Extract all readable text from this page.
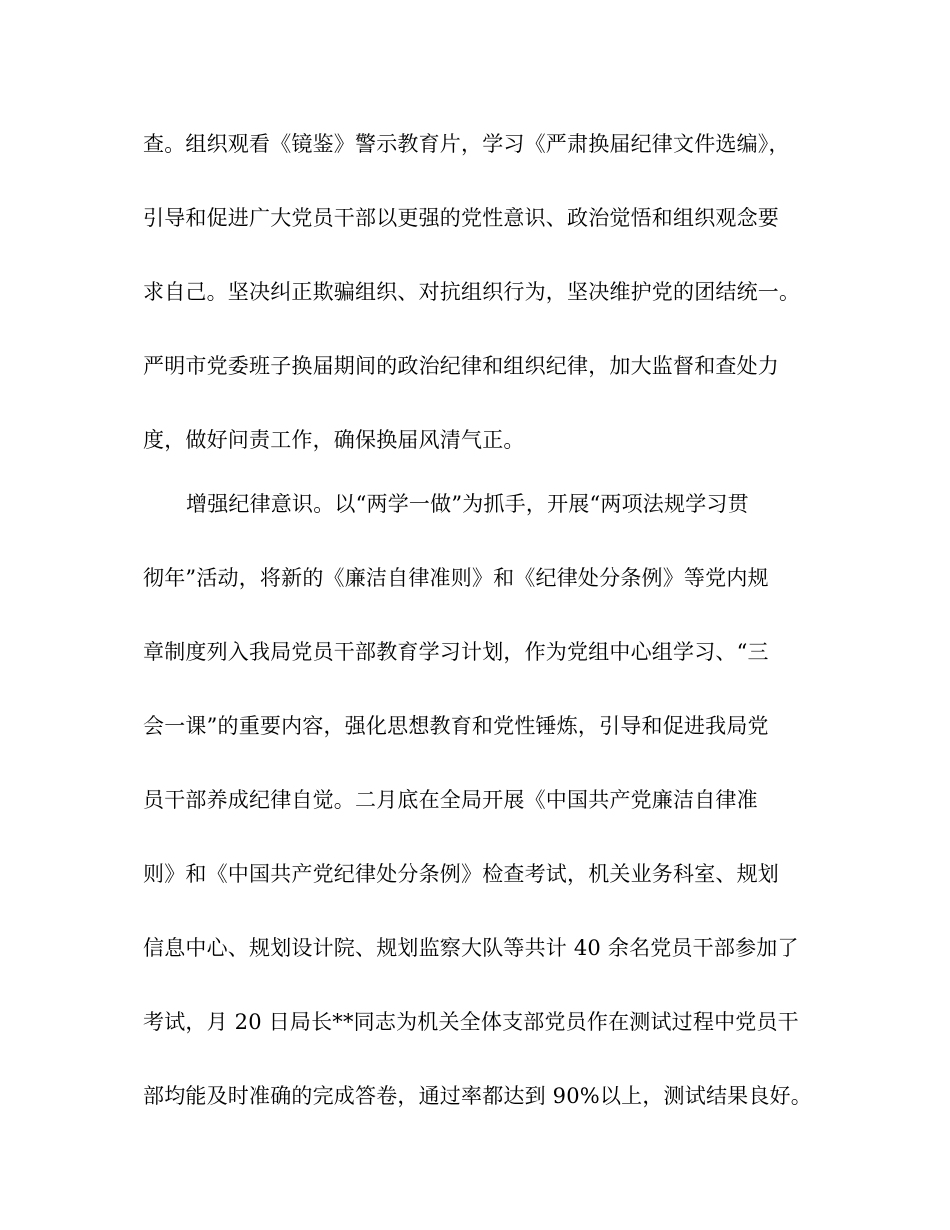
查。组织观看《镜鉴》警示教育片，学习《严肃换届纪律文件选编》，
引导和促进广大党员干部以更强的党性意识、政治觉悟和组织观念要
求自己。坚决纠正欺骗组织、对抗组织行为，坚决维护党的团结统一。
严明市党委班子换届期间的政治纪律和组织纪律，加大监督和查处力
度，做好问责工作，确保换届风清气正。
增强纪律意识。以“两学一做”为抓手，开展“两项法规学习贯
彻年”活动，将新的《廉洁自律准则》和《纪律处分条例》等党内规
章制度列入我局党员干部教育学习计划，作为党组中心组学习、“三
会一课”的重要内容，强化思想教育和党性锤炼，引导和促进我局党
员干部养成纪律自觉。二月底在全局开展《中国共产党廉洁自律准
则》和《中国共产党纪律处分条例》检查考试，机关业务科室、规划
信息中心、规划设计院、规划监察大队等共计 40 余名党员干部参加了
考试，月 20 日局长**同志为机关全体支部党员作在测试过程中党员干
部均能及时准确的完成答卷，通过率都达到 90%以上，测试结果良好。
